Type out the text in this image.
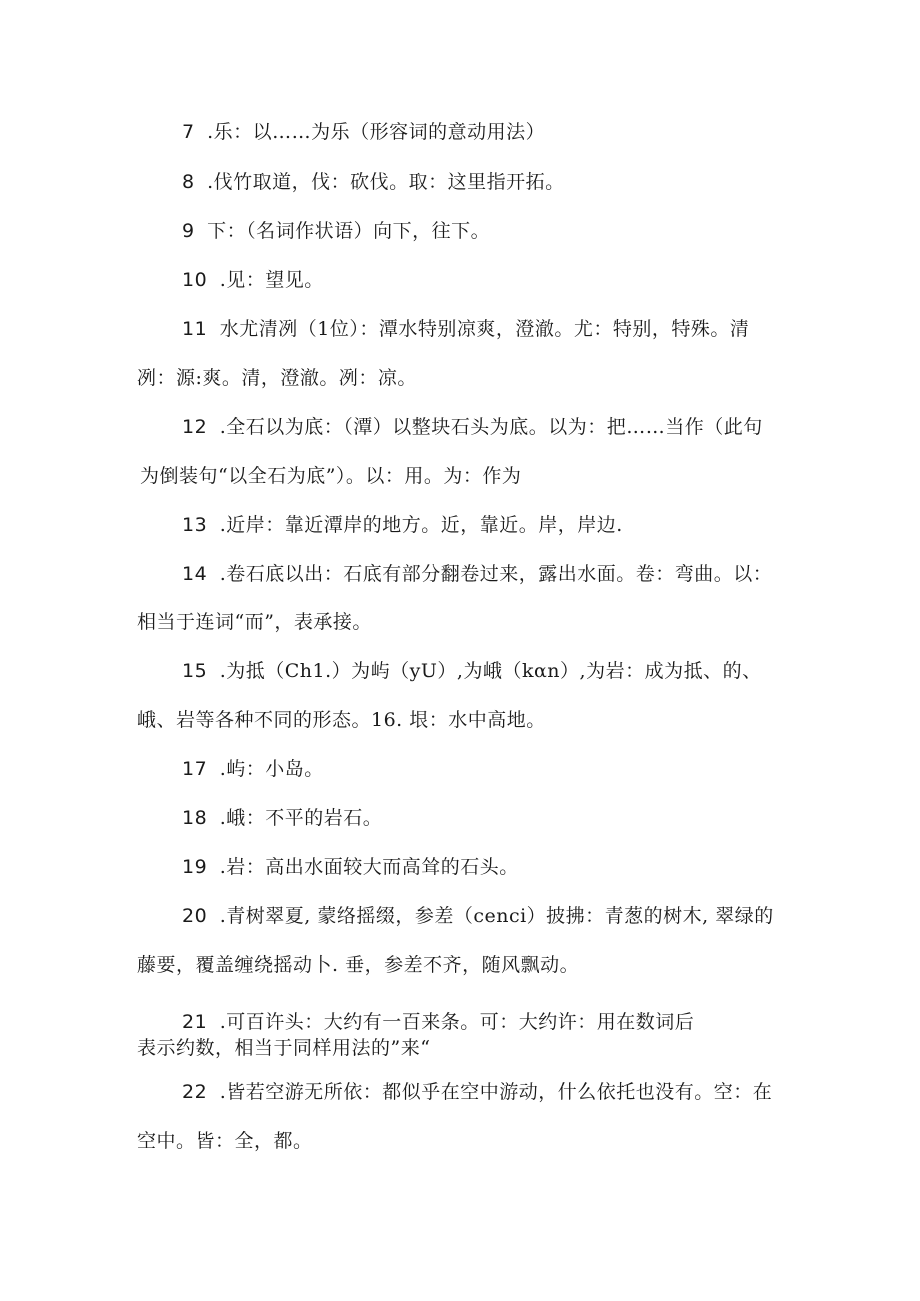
7 .乐：以……为乐（形容词的意动用法）
8 .伐竹取道，伐：砍伐。取：这里指开拓。
9 下：（名词作状语）向下，往下。
10 .见：望见。
11 水尤清冽（1位）：潭水特别凉爽，澄澈。尤：特别，特殊。清
冽：源:爽。清，澄澈。冽：凉。
12 .全石以为底：（潭）以整块石头为底。以为：把……当作（此句
为倒装句“以全石为底”）。以：用。为：作为
13 .近岸：靠近潭岸的地方。近，靠近。岸，岸边.
14 .卷石底以出：石底有部分翻卷过来，露出水面。卷：弯曲。以：
相当于连词“而”，表承接。
15 .为抵（Ch1.）为屿（yU）,为峨（kαn）,为岩：成为抵、的、
峨、岩等各种不同的形态。16. 垠：水中高地。
17 .屿：小岛。
18 .峨：不平的岩石。
19 .岩：高出水面较大而高耸的石头。
20 .青树翠夏, 蒙络摇缀，参差（cenci）披拂：青葱的树木, 翠绿的
藤要，覆盖缠绕摇动卜. 垂，参差不齐，随风飘动。
21 .可百许头：大约有一百来条。可：大约许：用在数词后
表示约数，相当于同样用法的”来“
22 .皆若空游无所依：都似乎在空中游动，什么依托也没有。空：在
空中。皆：全，都。
